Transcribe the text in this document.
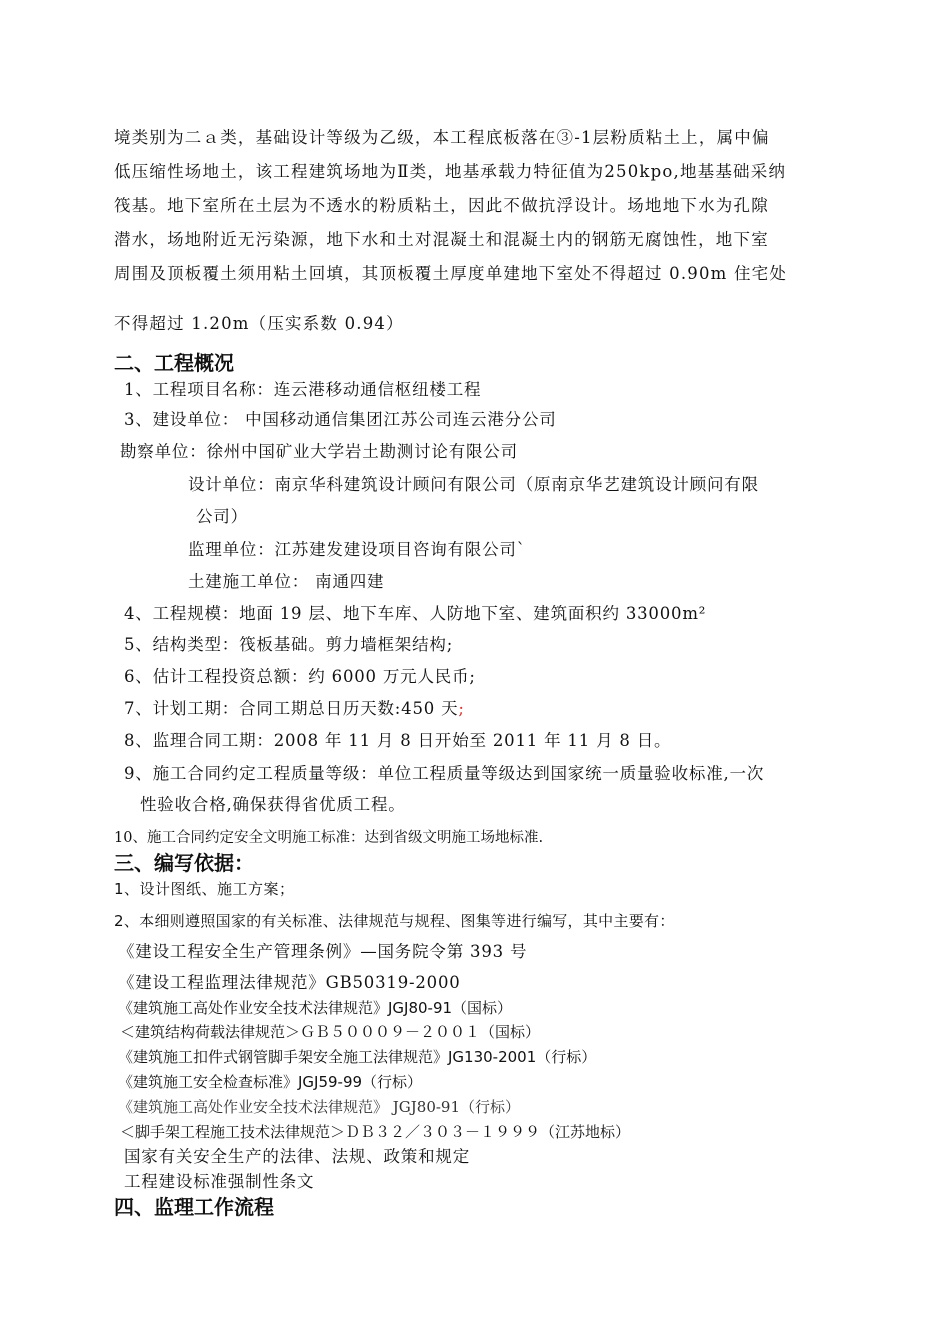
境类别为二ａ类，基础设计等级为乙级，本工程底板落在③-1层粉质粘土上，属中偏
低压缩性场地土，该工程建筑场地为Ⅱ类，地基承载力特征值为250kpo,地基基础采纳
筏基。地下室所在土层为不透水的粉质粘土，因此不做抗浮设计。场地地下水为孔隙
潜水，场地附近无污染源，地下水和土对混凝土和混凝土内的钢筋无腐蚀性，地下室
周围及顶板覆土须用粘土回填，其顶板覆土厚度单建地下室处不得超过 0.90m 住宅处
不得超过 1.20m（压实系数 0.94）
二、工程概况
1、工程项目名称：连云港移动通信枢纽楼工程
3、建设单位： 中国移动通信集团江苏公司连云港分公司
勘察单位：徐州中国矿业大学岩土勘测讨论有限公司
设计单位：南京华科建筑设计顾问有限公司（原南京华艺建筑设计顾问有限
公司）
监理单位：江苏建发建设项目咨询有限公司`
土建施工单位： 南通四建
4、工程规模：地面 19 层、地下车库、人防地下室、建筑面积约 33000m²
5、结构类型：筏板基础。剪力墙框架结构;
6、估计工程投资总额：约 6000 万元人民币;
7、计划工期：合同工期总日历天数:450 天;
8、监理合同工期：2008 年 11 月 8 日开始至 2011 年 11 月 8 日。
9、施工合同约定工程质量等级：单位工程质量等级达到国家统一质量验收标准,一次
性验收合格,确保获得省优质工程。
10、施工合同约定安全文明施工标准：达到省级文明施工场地标准.
三、编写依据：
1、设计图纸、施工方案；
2、本细则遵照国家的有关标准、法律规范与规程、图集等进行编写，其中主要有：
《建设工程安全生产管理条例》—国务院令第 393 号
《建设工程监理法律规范》GB50319-2000
《建筑施工高处作业安全技术法律规范》JGJ80-91（国标）
＜建筑结构荷载法律规范＞ＧＢ５０００９－２００１（国标）
《建筑施工扣件式钢管脚手架安全施工法律规范》JG130-2001（行标）
《建筑施工安全检查标准》JGJ59-99（行标）
《建筑施工高处作业安全技术法律规范》 JGJ80-91（行标）
＜脚手架工程施工技术法律规范＞ＤＢ３２／３０３－１９９９（江苏地标）
国家有关安全生产的法律、法规、政策和规定
工程建设标准强制性条文
四、监理工作流程
